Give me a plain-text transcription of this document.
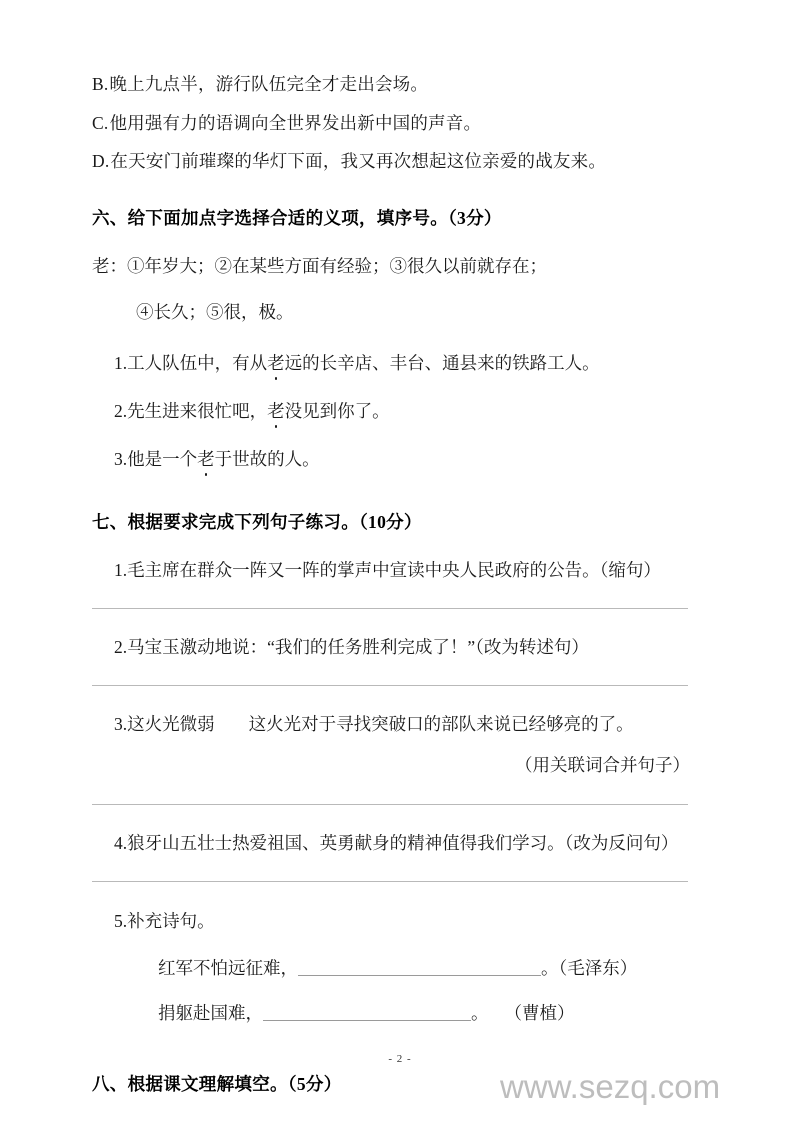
B.晚上九点半，游行队伍完全才走出会场。
C.他用强有力的语调向全世界发出新中国的声音。
D.在天安门前璀璨的华灯下面，我又再次想起这位亲爱的战友来。
六、给下面加点字选择合适的义项，填序号。（3分）
老：①年岁大；②在某些方面有经验；③很久以前就存在；
④长久；⑤很，极。
1.工人队伍中，有从老远的长辛店、丰台、通县来的铁路工人。
2.先生进来很忙吧，老没见到你了。
3.他是一个老于世故的人。
七、根据要求完成下列句子练习。（10分）
1.毛主席在群众一阵又一阵的掌声中宣读中央人民政府的公告。（缩句）
2.马宝玉激动地说：“我们的任务胜利完成了！”（改为转述句）
3.这火光微弱 这火光对于寻找突破口的部队来说已经够亮的了。
（用关联词合并句子）
4.狼牙山五壮士热爱祖国、英勇献身的精神值得我们学习。（改为反问句）
5.补充诗句。
红军不怕远征难，	。（毛泽东）
捐躯赴国难，	。 （曹植）
八、根据课文理解填空。（5分）
- 2 -
www.sezq.com
